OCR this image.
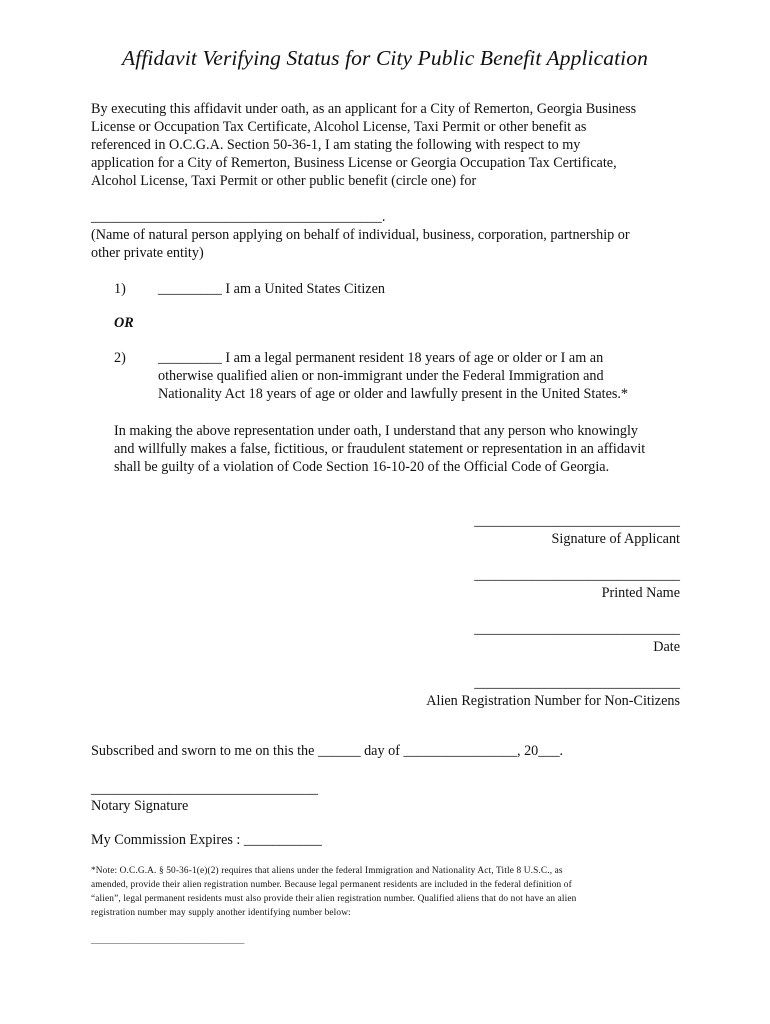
Affidavit Verifying Status for City Public Benefit Application
By executing this affidavit under oath, as an applicant for a City of Remerton, Georgia Business
License or Occupation Tax Certificate, Alcohol License, Taxi Permit or other benefit as
referenced in O.C.G.A. Section 50-36-1, I am stating the following with respect to my
application for a City of Remerton, Business License or Georgia Occupation Tax Certificate,
Alcohol License, Taxi Permit or other public benefit (circle one) for
_________________________________________.
(Name of natural person applying on behalf of individual, business, corporation, partnership or
other private entity)
1) _________ I am a United States Citizen
OR
2) _________ I am a legal permanent resident 18 years of age or older or I am an
otherwise qualified alien or non-immigrant under the Federal Immigration and
Nationality Act 18 years of age or older and lawfully present in the United States.*
In making the above representation under oath, I understand that any person who knowingly
and willfully makes a false, fictitious, or fraudulent statement or representation in an affidavit
shall be guilty of a violation of Code Section 16-10-20 of the Official Code of Georgia.
_____________________________
Signature of Applicant
_____________________________
Printed Name
_____________________________
Date
_____________________________
Alien Registration Number for Non-Citizens
Subscribed and sworn to me on this the ______ day of ________________, 20___.
________________________________
Notary Signature
My Commission Expires : ___________
*Note: O.C.G.A. § 50-36-1(e)(2) requires that aliens under the federal Immigration and Nationality Act, Title 8 U.S.C., as
amended, provide their alien registration number. Because legal permanent residents are included in the federal definition of
“alien”, legal permanent residents must also provide their alien registration number. Qualified aliens that do not have an alien
registration number may supply another identifying number below:
_________________________________
